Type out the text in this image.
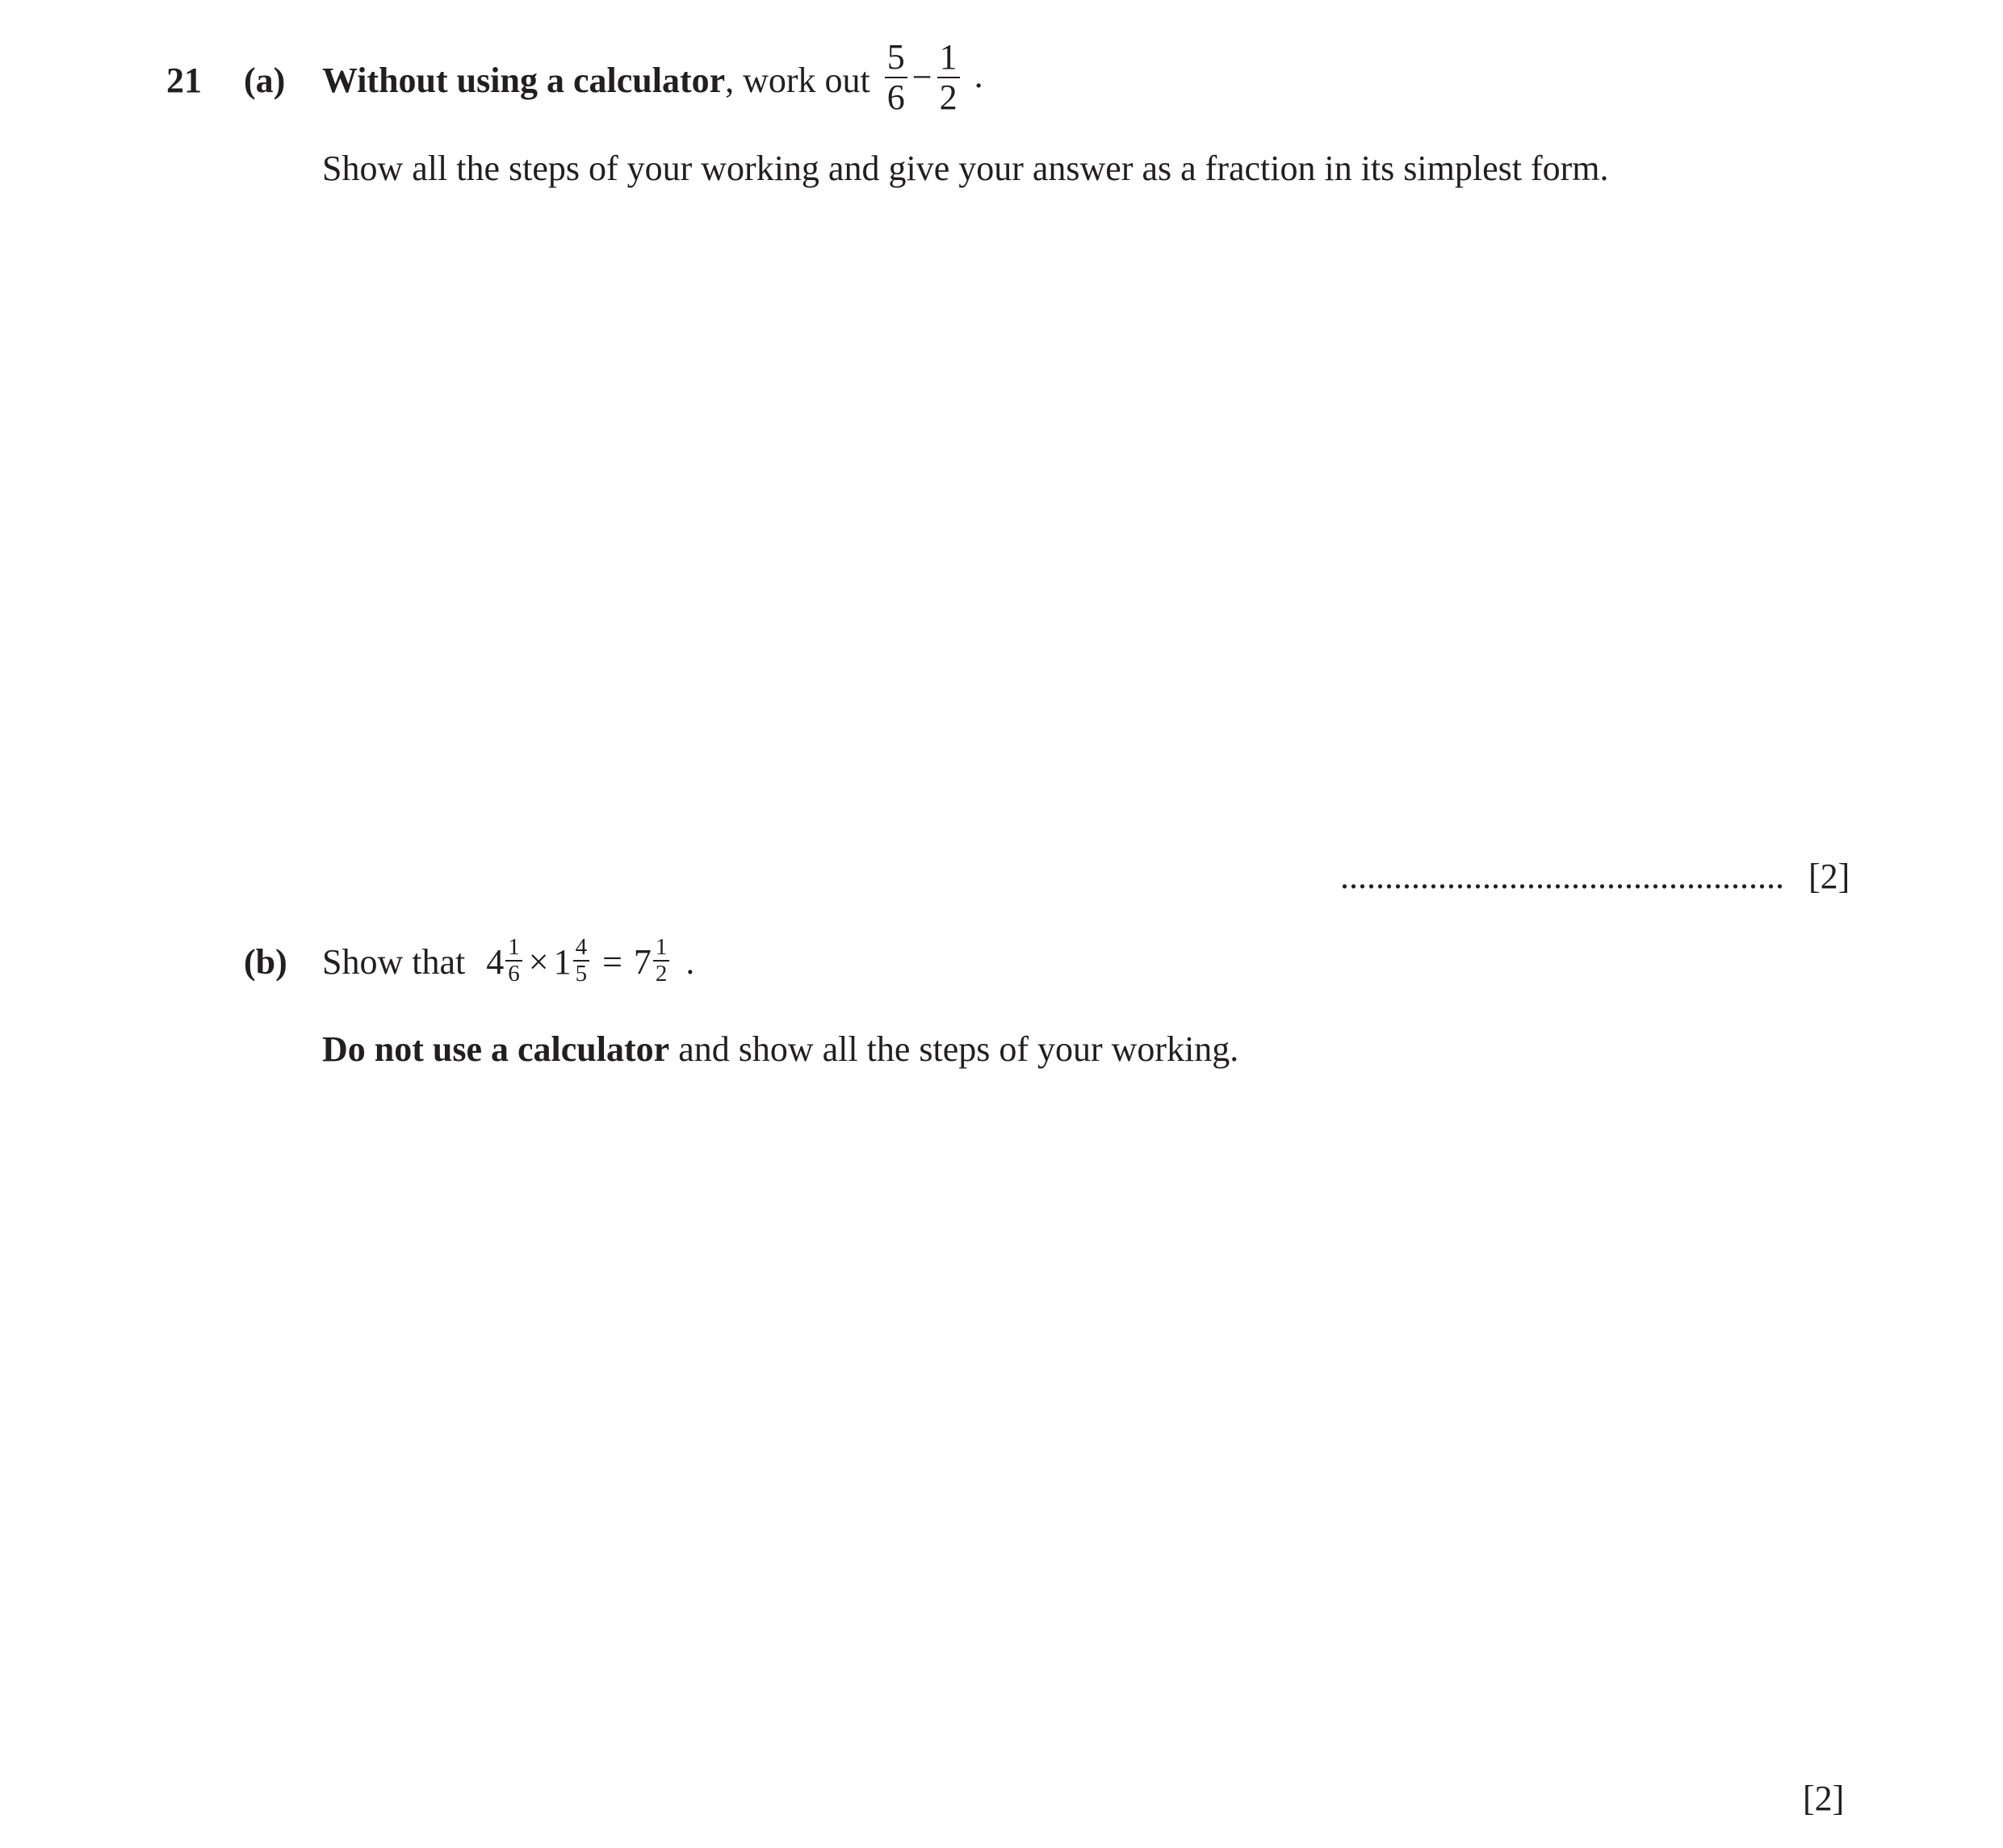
21 (a) Without using a calculator , work out $\frac{5}{6} - \frac{1}{2}$ .
Show all the steps of your working and give your answer as a fraction in its simplest form.
.................................................. [2]
(b) Show that $4 \frac{1}{6} \times 1 \frac{4}{5} = 7 \frac{1}{2}$ .
Do not use a calculator and show all the steps of your working.
[2]
